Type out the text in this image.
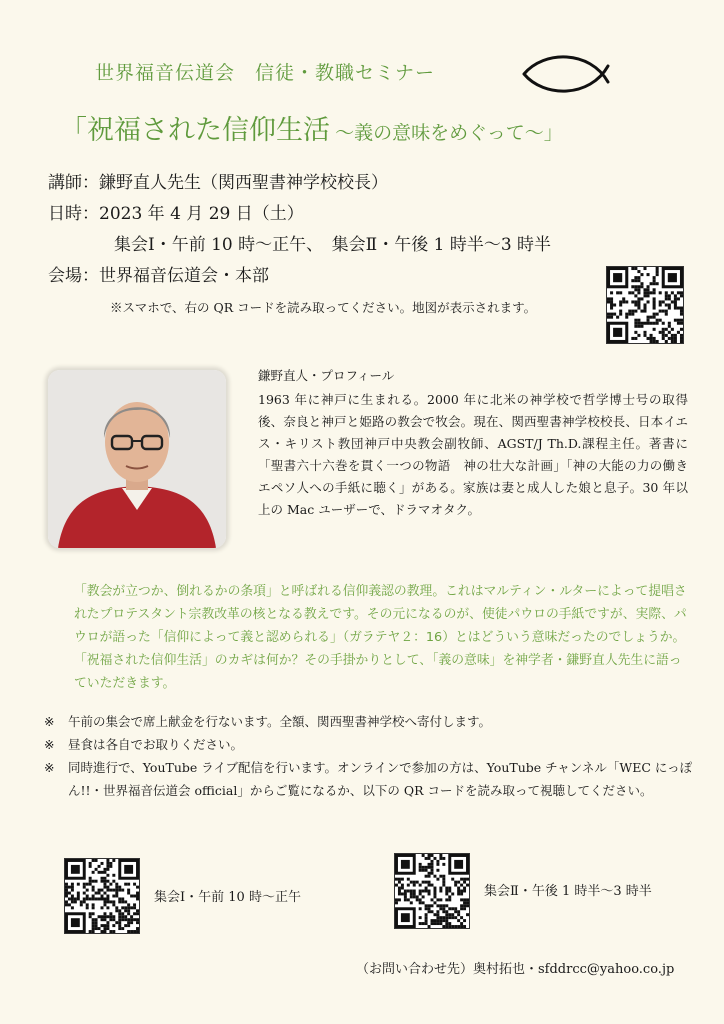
世界福音伝道会　信徒・教職セミナー
「祝福された信仰生活 〜義の意味をめぐって〜」
講師：鎌野直人先生（関西聖書神学校校長）
日時：2023 年 4 月 29 日（土）
集会Ⅰ・午前 10 時〜正午、　集会Ⅱ・午後 1 時半〜3 時半
会場：世界福音伝道会・本部
※スマホで、右の QR コードを読み取ってください。地図が表示されます。
鎌野直人・プロフィール
1963 年に神戸に生まれる。2000 年に北米の神学校で哲学博士号の取得後、奈良と神戸と姫路の教会で牧会。現在、関西聖書神学校校長、日本イエス・キリスト教団神戸中央教会副牧師、AGST/J Th.D.課程主任。著書に「聖書六十六巻を貫く一つの物語　神の壮大な計画」「神の大能の力の働き　エペソ人への手紙に聴く」がある。家族は妻と成人した娘と息子。30 年以上の Mac ユーザーで、ドラマオタク。
「教会が立つか、倒れるかの条項」と呼ばれる信仰義認の教理。これはマルティン・ルターによって提唱されたプロテスタント宗教改革の核となる教えです。その元になるのが、使徒パウロの手紙ですが、実際、パウロが語った「信仰によって義と認められる」（ガラテヤ２：16）とはどういう意味だったのでしょうか。「祝福された信仰生活」のカギは何か？その手掛かりとして、「義の意味」を神学者・鎌野直人先生に語っていただきます。
※	午前の集会で席上献金を行ないます。全額、関西聖書神学校へ寄付します。
※	昼食は各自でお取りください。
※	同時進行で、YouTube ライブ配信を行います。オンラインで参加の方は、YouTube チャンネル「WEC にっぽん!!・世界福音伝道会 official」からご覧になるか、以下の QR コードを読み取って視聴してください。
集会Ⅰ・午前 10 時〜正午	集会Ⅱ・午後 1 時半〜3 時半
（お問い合わせ先）奥村拓也・sfddrcc@yahoo.co.jp
